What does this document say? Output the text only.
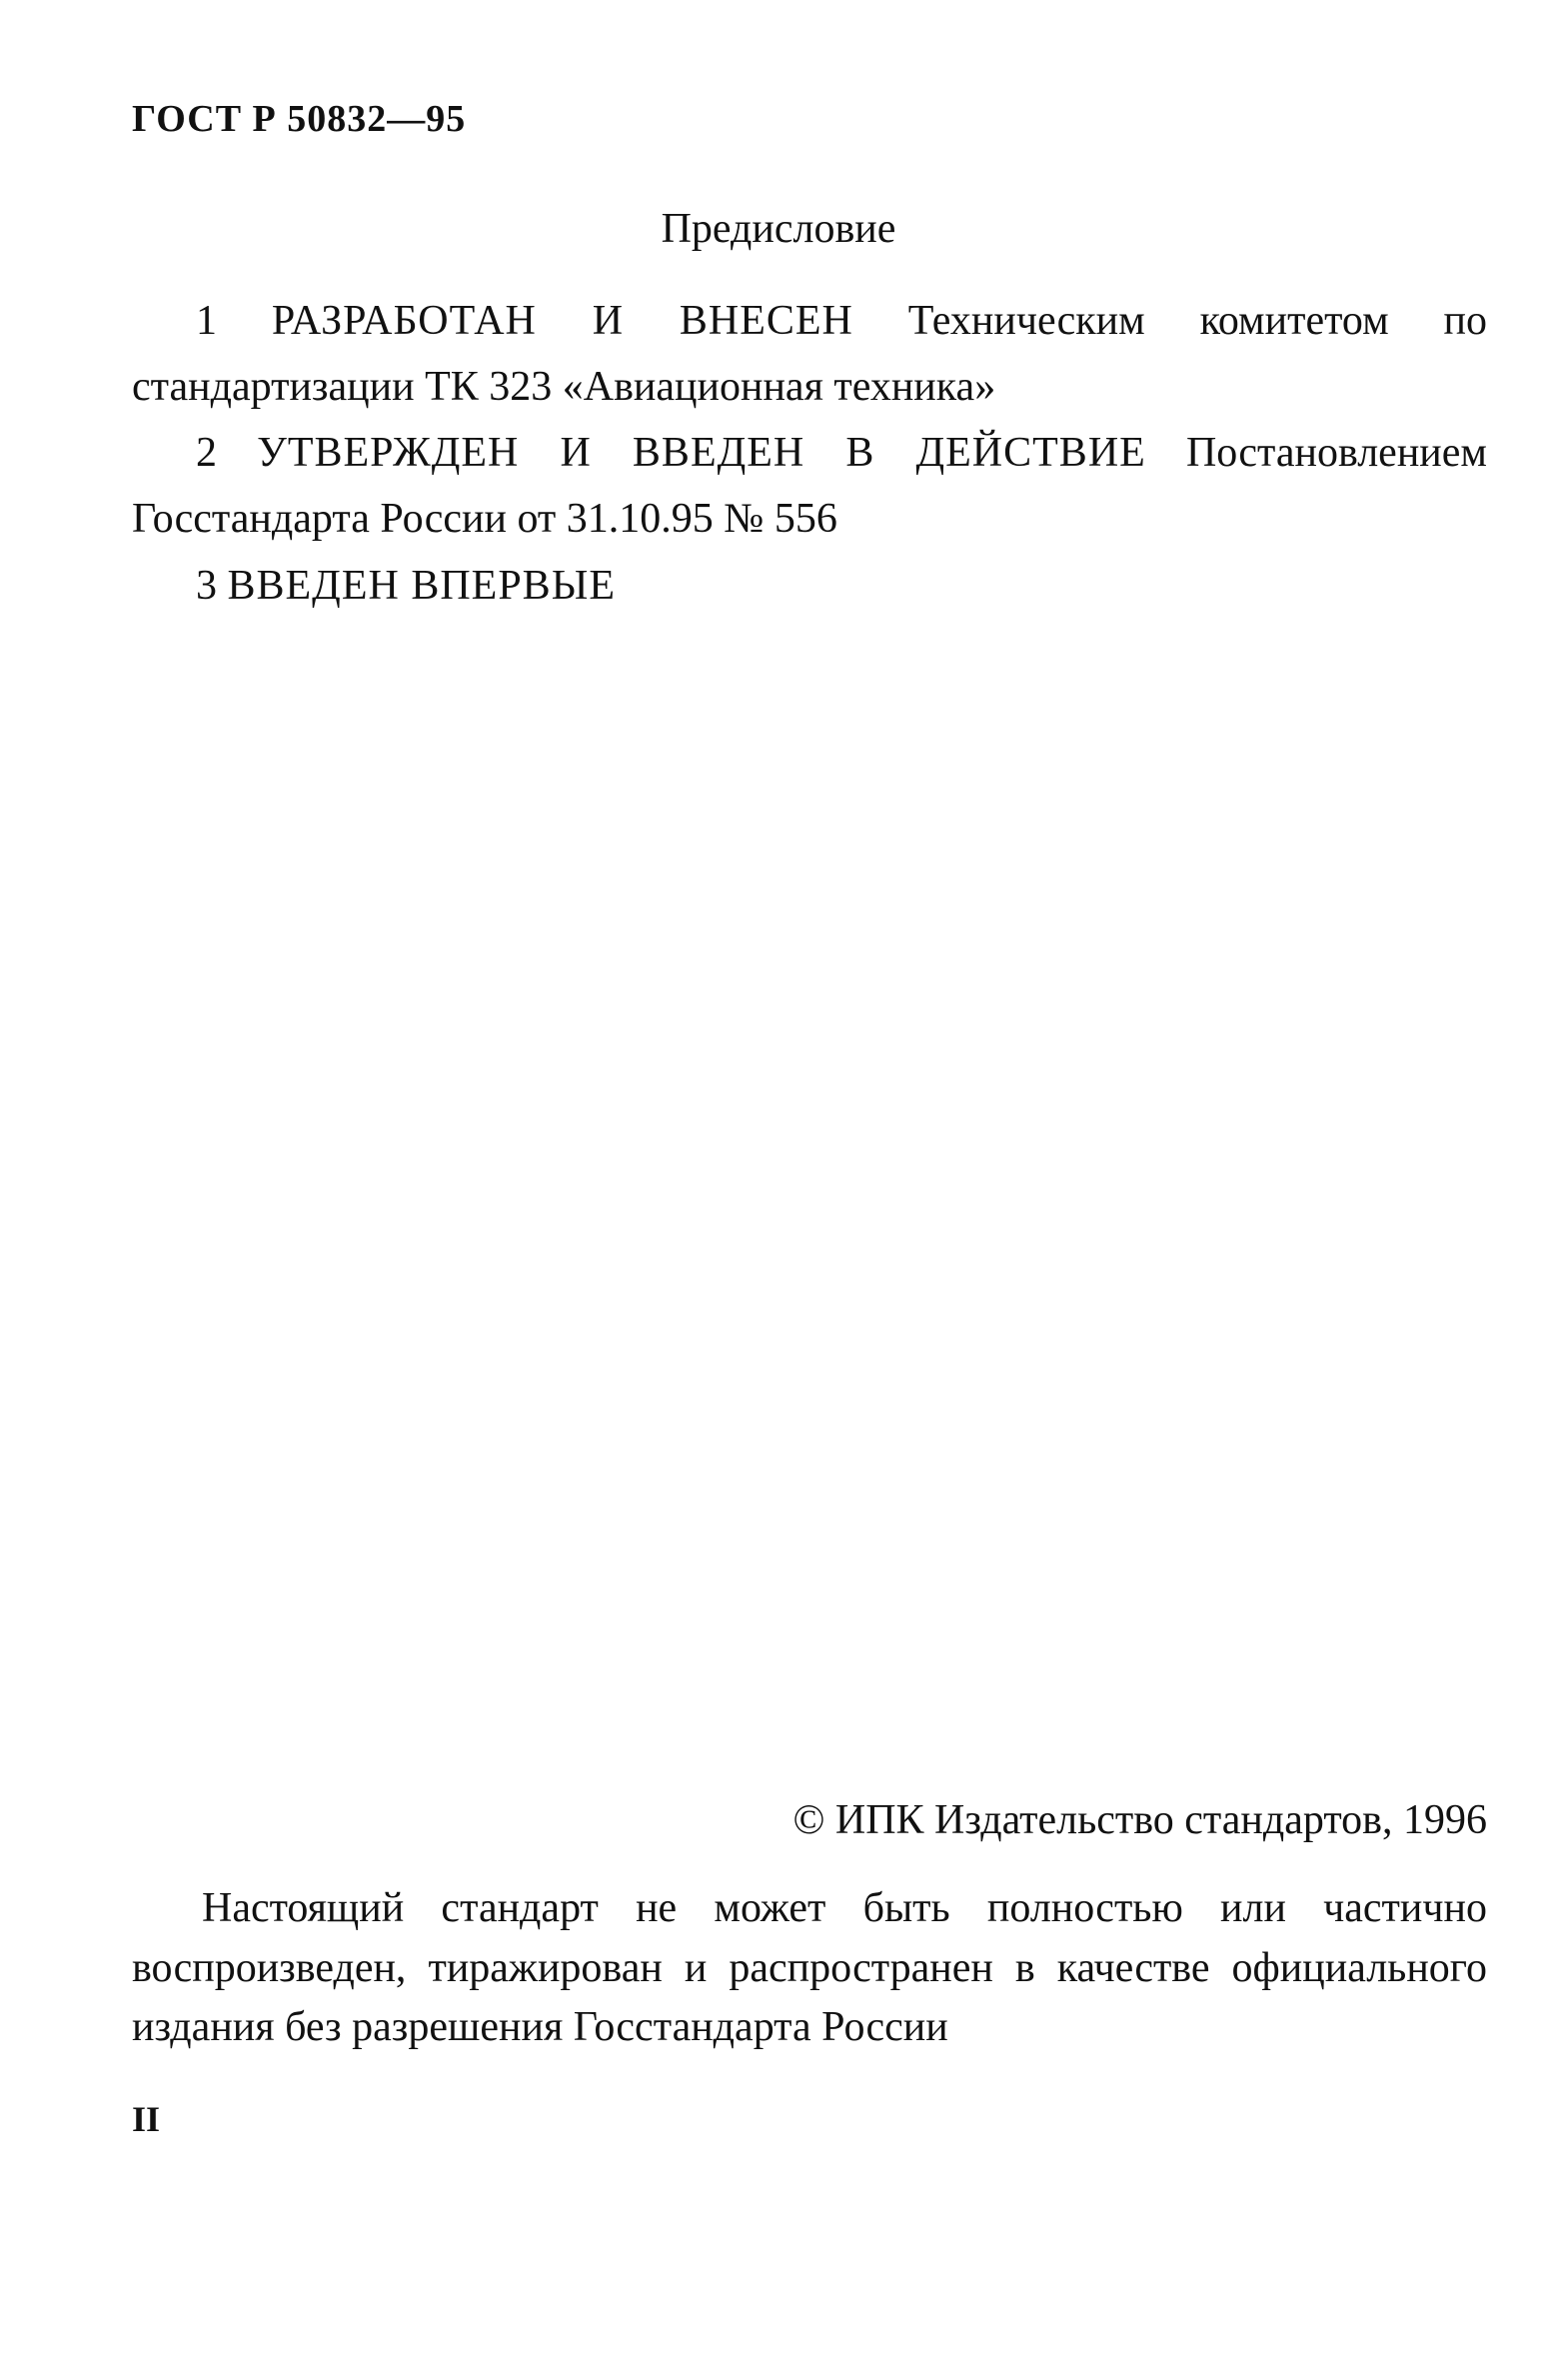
ГОСТ Р 50832—95
Предисловие
1 РАЗРАБОТАН И ВНЕСЕН Техническим комитетом по стандартизации ТК 323 «Авиационная техника»
2 УТВЕРЖДЕН И ВВЕДЕН В ДЕЙСТВИЕ Постановлением Госстандарта России от 31.10.95 № 556
3 ВВЕДЕН ВПЕРВЫЕ
© ИПК Издательство стандартов, 1996
Настоящий стандарт не может быть полностью или частично воспроизведен, тиражирован и распространен в качестве официального издания без разрешения Госстандарта России
II
